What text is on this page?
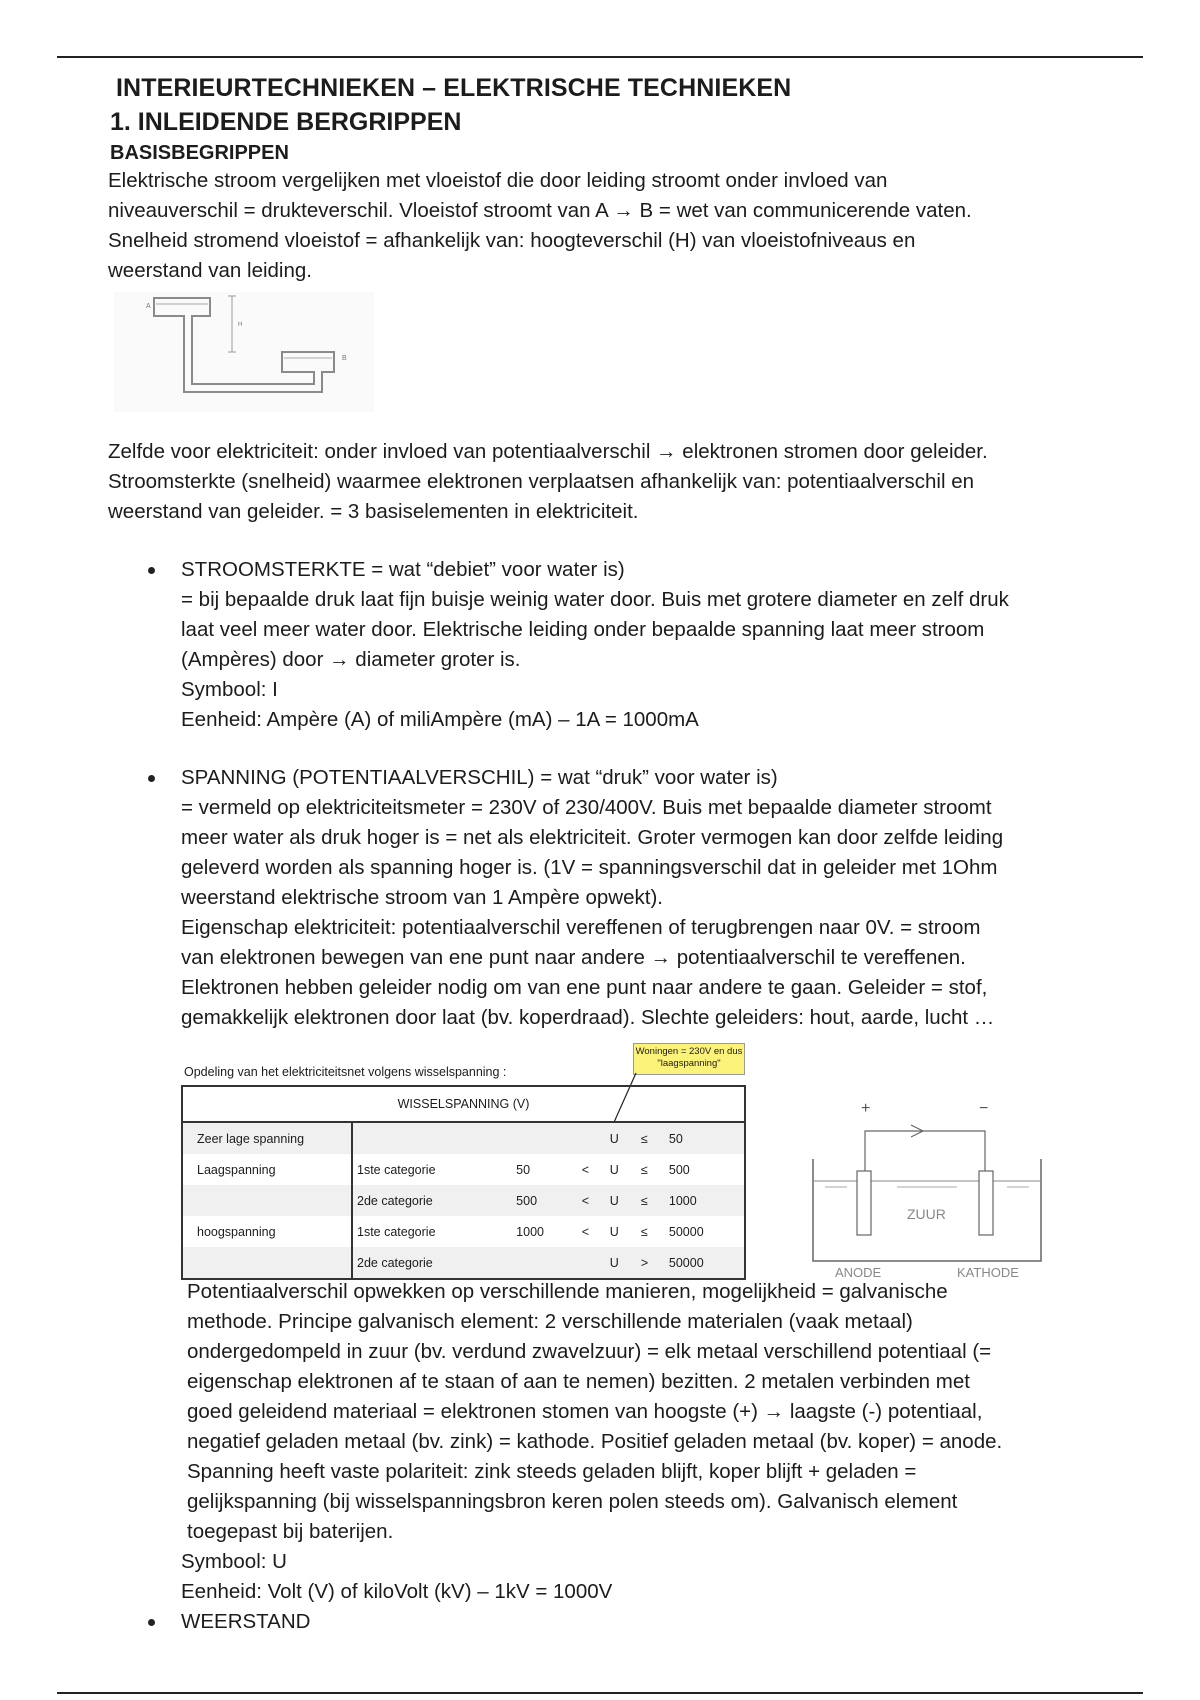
INTERIEURTECHNIEKEN – ELEKTRISCHE TECHNIEKEN
1. INLEIDENDE BERGRIPPEN
BASISBEGRIPPEN
Elektrische stroom vergelijken met vloeistof die door leiding stroomt onder invloed van
niveauverschil = drukteverschil. Vloeistof stroomt van A → B = wet van communicerende vaten.
Snelheid stromend vloeistof = afhankelijk van: hoogteverschil (H) van vloeistofniveaus en
weerstand van leiding.
A
H
B
Zelfde voor elektriciteit: onder invloed van potentiaalverschil → elektronen stromen door geleider.
Stroomsterkte (snelheid) waarmee elektronen verplaatsen afhankelijk van: potentiaalverschil en
weerstand van geleider. = 3 basiselementen in elektriciteit.
STROOMSTERKTE = wat “debiet” voor water is)
= bij bepaalde druk laat fijn buisje weinig water door. Buis met grotere diameter en zelf druk
laat veel meer water door. Elektrische leiding onder bepaalde spanning laat meer stroom
(Ampères) door → diameter groter is.
Symbool: I
Eenheid: Ampère (A) of miliAmpère (mA) – 1A = 1000mA
SPANNING (POTENTIAALVERSCHIL) = wat “druk” voor water is)
= vermeld op elektriciteitsmeter = 230V of 230/400V. Buis met bepaalde diameter stroomt
meer water als druk hoger is = net als elektriciteit. Groter vermogen kan door zelfde leiding
geleverd worden als spanning hoger is. (1V = spanningsverschil dat in geleider met 1Ohm
weerstand elektrische stroom van 1 Ampère opwekt).
Eigenschap elektriciteit: potentiaalverschil vereffenen of terugbrengen naar 0V. = stroom
van elektronen bewegen van ene punt naar andere → potentiaalverschil te vereffenen.
Elektronen hebben geleider nodig om van ene punt naar andere te gaan. Geleider = stof,
gemakkelijk elektronen door laat (bv. koperdraad). Slechte geleiders: hout, aarde, lucht …
Opdeling van het elektriciteitsnet volgens wisselspanning :
Woningen = 230V en dus "laagspanning"
WISSELSPANNING (V)						
Zeer lage spanning				U	≤	50
Laagspanning	1ste categorie	50	<	U	≤	500
	2de categorie	500	<	U	≤	1000
hoogspanning	1ste categorie	1000	<	U	≤	50000
	2de categorie			U	>	50000
+	−
ZUUR
ANODE	KATHODE
Potentiaalverschil opwekken op verschillende manieren, mogelijkheid = galvanische
methode. Principe galvanisch element: 2 verschillende materialen (vaak metaal)
ondergedompeld in zuur (bv. verdund zwavelzuur) = elk metaal verschillend potentiaal (=
eigenschap elektronen af te staan of aan te nemen) bezitten. 2 metalen verbinden met
goed geleidend materiaal = elektronen stomen van hoogste (+) → laagste (-) potentiaal,
negatief geladen metaal (bv. zink) = kathode. Positief geladen metaal (bv. koper) = anode.
Spanning heeft vaste polariteit: zink steeds geladen blijft, koper blijft + geladen =
gelijkspanning (bij wisselspanningsbron keren polen steeds om). Galvanisch element
toegepast bij baterijen.
Symbool: U
Eenheid: Volt (V) of kiloVolt (kV) – 1kV = 1000V
WEERSTAND
